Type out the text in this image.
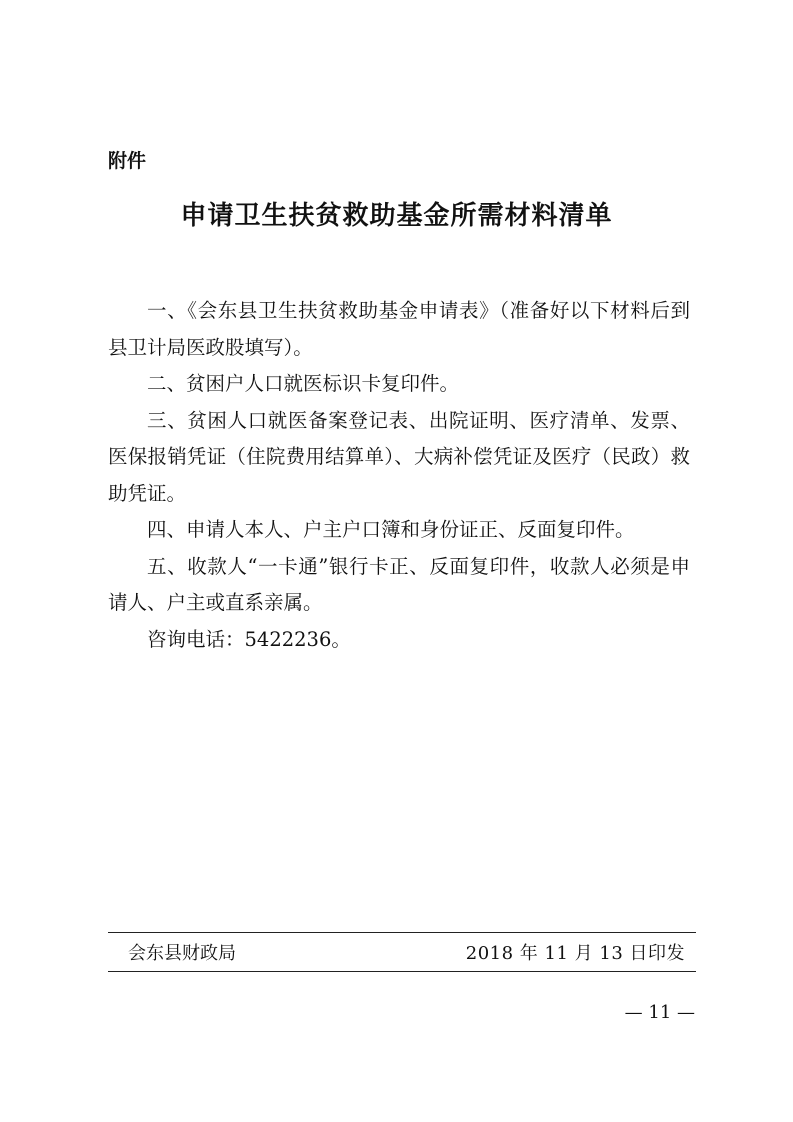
附件
申请卫生扶贫救助基金所需材料清单

一、《会东县卫生扶贫救助基金申请表》（准备好以下材料后到县卫计局医政股填写）。

二、贫困户人口就医标识卡复印件。

三、贫困人口就医备案登记表、出院证明、医疗清单、发票、医保报销凭证（住院费用结算单）、大病补偿凭证及医疗（民政）救助凭证。

四、申请人本人、户主户口簿和身份证正、反面复印件。

五、收款人“一卡通”银行卡正、反面复印件，收款人必须是申请人、户主或直系亲属。

咨询电话：5422236。

会东县财政局	2018 年 11 月 13 日印发
— 11 —
